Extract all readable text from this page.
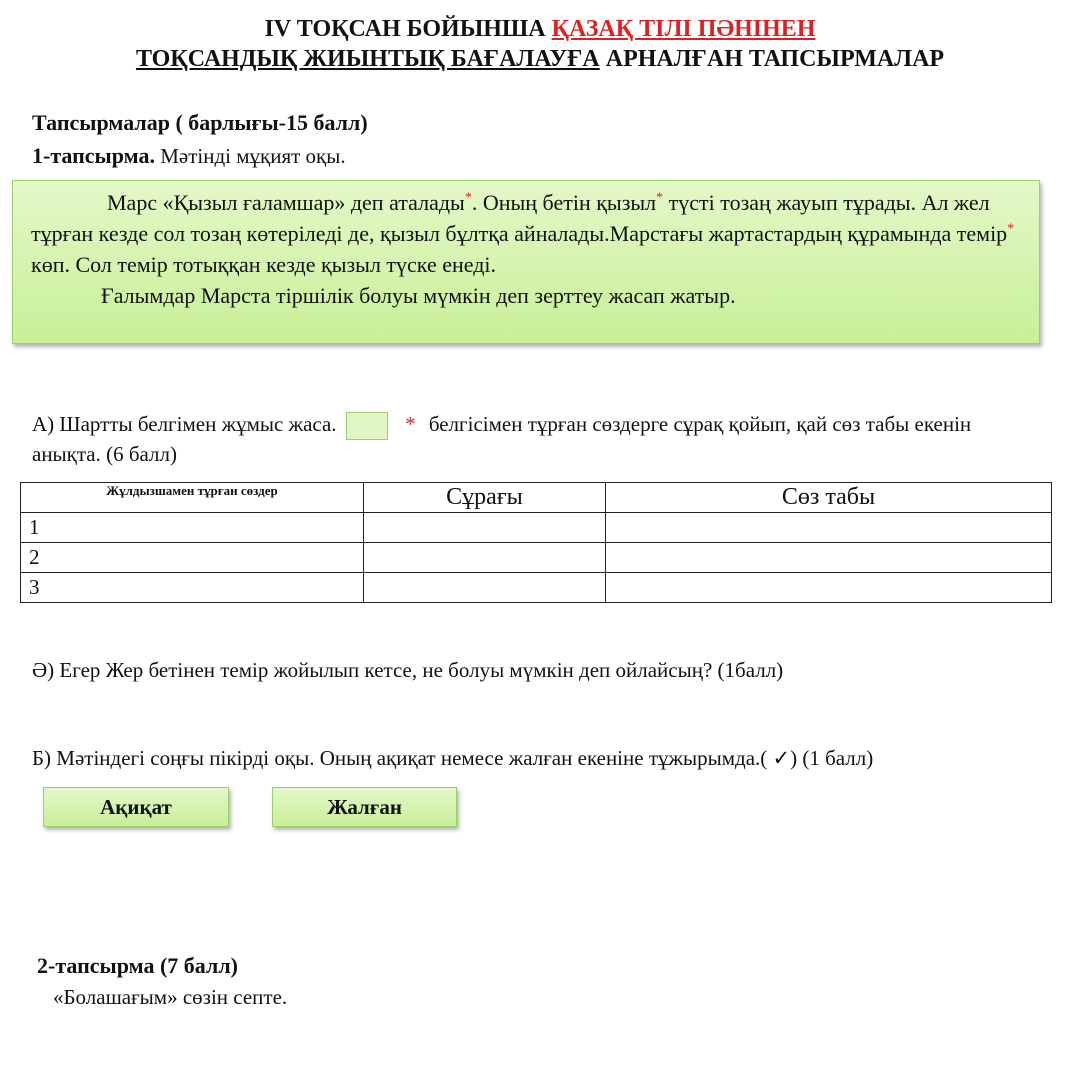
IV ТОҚСАН БОЙЫНША ҚАЗАҚ ТІЛІ ПӘНІНЕН
ТОҚСАНДЫҚ ЖИЫНТЫҚ БАҒАЛАУҒА АРНАЛҒАН ТАПСЫРМАЛАР
Тапсырмалар ( барлығы-15 балл)
1-тапсырма. Мәтінді мұқият оқы.
Марс «Қызыл ғаламшар» деп аталады*. Оның бетін қызыл* түсті тозаң жауып тұрады. Ал жел тұрған кезде сол тозаң көтеріледі де, қызыл бұлтқа айналады.Марстағы жартастардың құрамында темір* көп. Сол темір тотыққан кезде қызыл түске енеді.
Ғалымдар Марста тіршілік болуы мүмкін деп зерттеу жасап жатыр.
А) Шартты белгімен жұмыс жаса.	* белгісімен тұрған сөздерге сұрақ қойып, қай сөз табы екенін анықта. (6 балл)
Жұлдызшамен тұрған сөздер	Сұрағы	Сөз табы
1		
2		
3		
Ә) Егер Жер бетінен темір жойылып кетсе, не болуы мүмкін деп ойлайсың? (1балл)
Б) Мәтіндегі соңғы пікірді оқы. Оның ақиқат немесе жалған екеніне тұжырымда.( ✓) (1 балл)
Ақиқат	Жалған
2-тапсырма (7 балл)
«Болашағым» сөзін септе.
